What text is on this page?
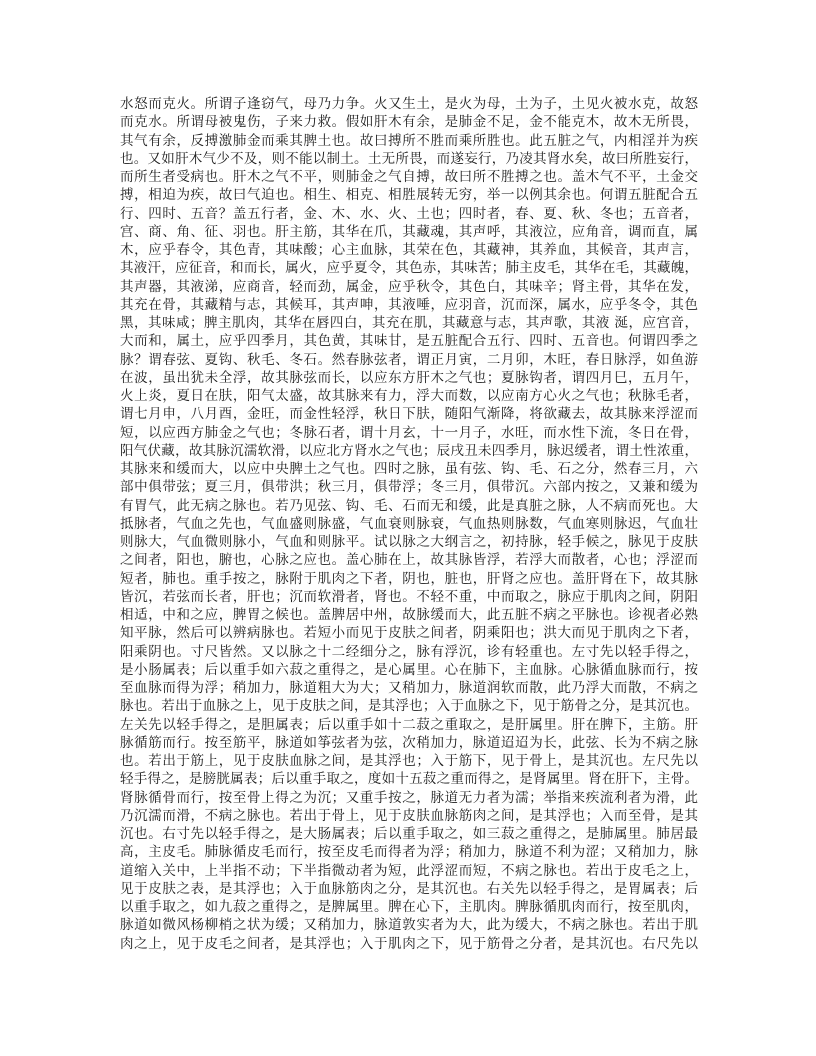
水怒而克火。所谓子逢窃气，母乃力争。火又生土，是火为母，土为子，土见火被水克，故怒
而克水。所谓母被鬼伤，子来力救。假如肝木有余，是肺金不足，金不能克木，故木无所畏，
其气有余，反搏激肺金而乘其脾土也。故曰搏所不胜而乘所胜也。此五脏之气，内相淫并为疾
也。又如肝木气少不及，则不能以制土。土无所畏，而遂妄行，乃凌其肾水矣，故曰所胜妄行，
而所生者受病也。肝木之气不平，则肺金之气自搏，故曰所不胜搏之也。盖木气不平，土金交
搏，相迫为疾，故曰气迫也。相生、相克、相胜展转无穷，举一以例其余也。何谓五脏配合五
行、四时、五音？盖五行者，金、木、水、火、土也；四时者，春、夏、秋、冬也；五音者，
宫、商、角、征、羽也。肝主筋，其华在爪，其藏魂，其声呼，其液泣，应角音，调而直，属
木，应乎春令，其色青，其味酸；心主血脉，其荣在色，其藏神，其养血，其候音，其声言，
其液汗，应征音，和而长，属火，应乎夏令，其色赤，其味苦；肺主皮毛，其华在毛，其藏魄，
其声器，其液涕，应商音，轻而劲，属金，应乎秋令，其色白，其味辛；肾主骨，其华在发，
其充在骨，其藏精与志，其候耳，其声呻，其液唾，应羽音，沉而深，属水，应乎冬令，其色
黑，其味咸；脾主肌肉，其华在唇四白，其充在肌，其藏意与志，其声歌，其液 涎，应宫音，
大而和，属土，应乎四季月，其色黄，其味甘，是五脏配合五行、四时、五音也。何谓四季之
脉？谓春弦、夏钩、秋毛、冬石。然春脉弦者，谓正月寅，二月卯，木旺，春日脉浮，如鱼游
在波，虽出犹未全浮，故其脉弦而长，以应东方肝木之气也；夏脉钩者，谓四月巳，五月午，
火上炎，夏日在肤，阳气太盛，故其脉来有力，浮大而数，以应南方心火之气也；秋脉毛者，
谓七月申，八月酉，金旺，而金性轻浮，秋日下肤，随阳气渐降，将欲藏去，故其脉来浮涩而
短，以应西方肺金之气也；冬脉石者，谓十月玄，十一月子，水旺，而水性下流，冬日在骨，
阳气伏藏，故其脉沉濡软滑，以应北方肾水之气也；辰戌丑未四季月，脉迟缓者，谓土性浓重，
其脉来和缓而大，以应中央脾土之气也。四时之脉，虽有弦、钩、毛、石之分，然春三月，六
部中俱带弦；夏三月，俱带洪；秋三月，俱带浮；冬三月，俱带沉。六部内按之，又兼和缓为
有胃气，此无病之脉也。若乃见弦、钩、毛、石而无和缓，此是真脏之脉，人不病而死也。大
抵脉者，气血之先也，气血盛则脉盛，气血衰则脉衰，气血热则脉数，气血寒则脉迟，气血壮
则脉大，气血微则脉小，气血和则脉平。试以脉之大纲言之，初持脉，轻手候之，脉见于皮肤
之间者，阳也，腑也，心脉之应也。盖心肺在上，故其脉皆浮，若浮大而散者，心也；浮涩而
短者，肺也。重手按之，脉附于肌肉之下者，阴也，脏也，肝肾之应也。盖肝肾在下，故其脉
皆沉，若弦而长者，肝也；沉而软滑者，肾也。不轻不重，中而取之，脉应于肌肉之间，阴阳
相适，中和之应，脾胃之候也。盖脾居中州，故脉缓而大，此五脏不病之平脉也。诊视者必熟
知平脉，然后可以辨病脉也。若短小而见于皮肤之间者，阴乘阳也；洪大而见于肌肉之下者，
阳乘阴也。寸尺皆然。又以脉之十二经细分之，脉有浮沉，诊有轻重也。左寸先以轻手得之，
是小肠属表；后以重手如六菽之重得之，是心属里。心在肺下，主血脉。心脉循血脉而行，按
至血脉而得为浮；稍加力，脉道粗大为大；又稍加力，脉道润软而散，此乃浮大而散，不病之
脉也。若出于血脉之上，见于皮肤之间，是其浮也；入于血脉之下，见于筋骨之分，是其沉也。
左关先以轻手得之，是胆属表；后以重手如十二菽之重取之，是肝属里。肝在脾下，主筋。肝
脉循筋而行。按至筋平，脉道如筝弦者为弦，次稍加力，脉道迢迢为长，此弦、长为不病之脉
也。若出于筋上，见于皮肤血脉之间，是其浮也；入于筋下，见于骨上，是其沉也。左尺先以
轻手得之，是膀胱属表；后以重手取之，度如十五菽之重而得之，是肾属里。肾在肝下，主骨。
肾脉循骨而行，按至骨上得之为沉；又重手按之，脉道无力者为濡；举指来疾流利者为滑，此
乃沉濡而滑，不病之脉也。若出于骨上，见于皮肤血脉筋肉之间，是其浮也；入而至骨，是其
沉也。右寸先以轻手得之，是大肠属表；后以重手取之，如三菽之重得之，是肺属里。肺居最
高，主皮毛。肺脉循皮毛而行，按至皮毛而得者为浮；稍加力，脉道不利为涩；又稍加力，脉
道缩入关中，上半指不动；下半指微动者为短，此浮涩而短，不病之脉也。若出于皮毛之上，
见于皮肤之表，是其浮也；入于血脉筋肉之分，是其沉也。右关先以轻手得之，是胃属表；后
以重手取之，如九菽之重得之，是脾属里。脾在心下，主肌肉。脾脉循肌肉而行，按至肌肉，
脉道如微风杨柳梢之状为缓；又稍加力，脉道敦实者为大，此为缓大，不病之脉也。若出于肌
肉之上，见于皮毛之间者，是其浮也；入于肌肉之下，见于筋骨之分者，是其沉也。右尺先以
